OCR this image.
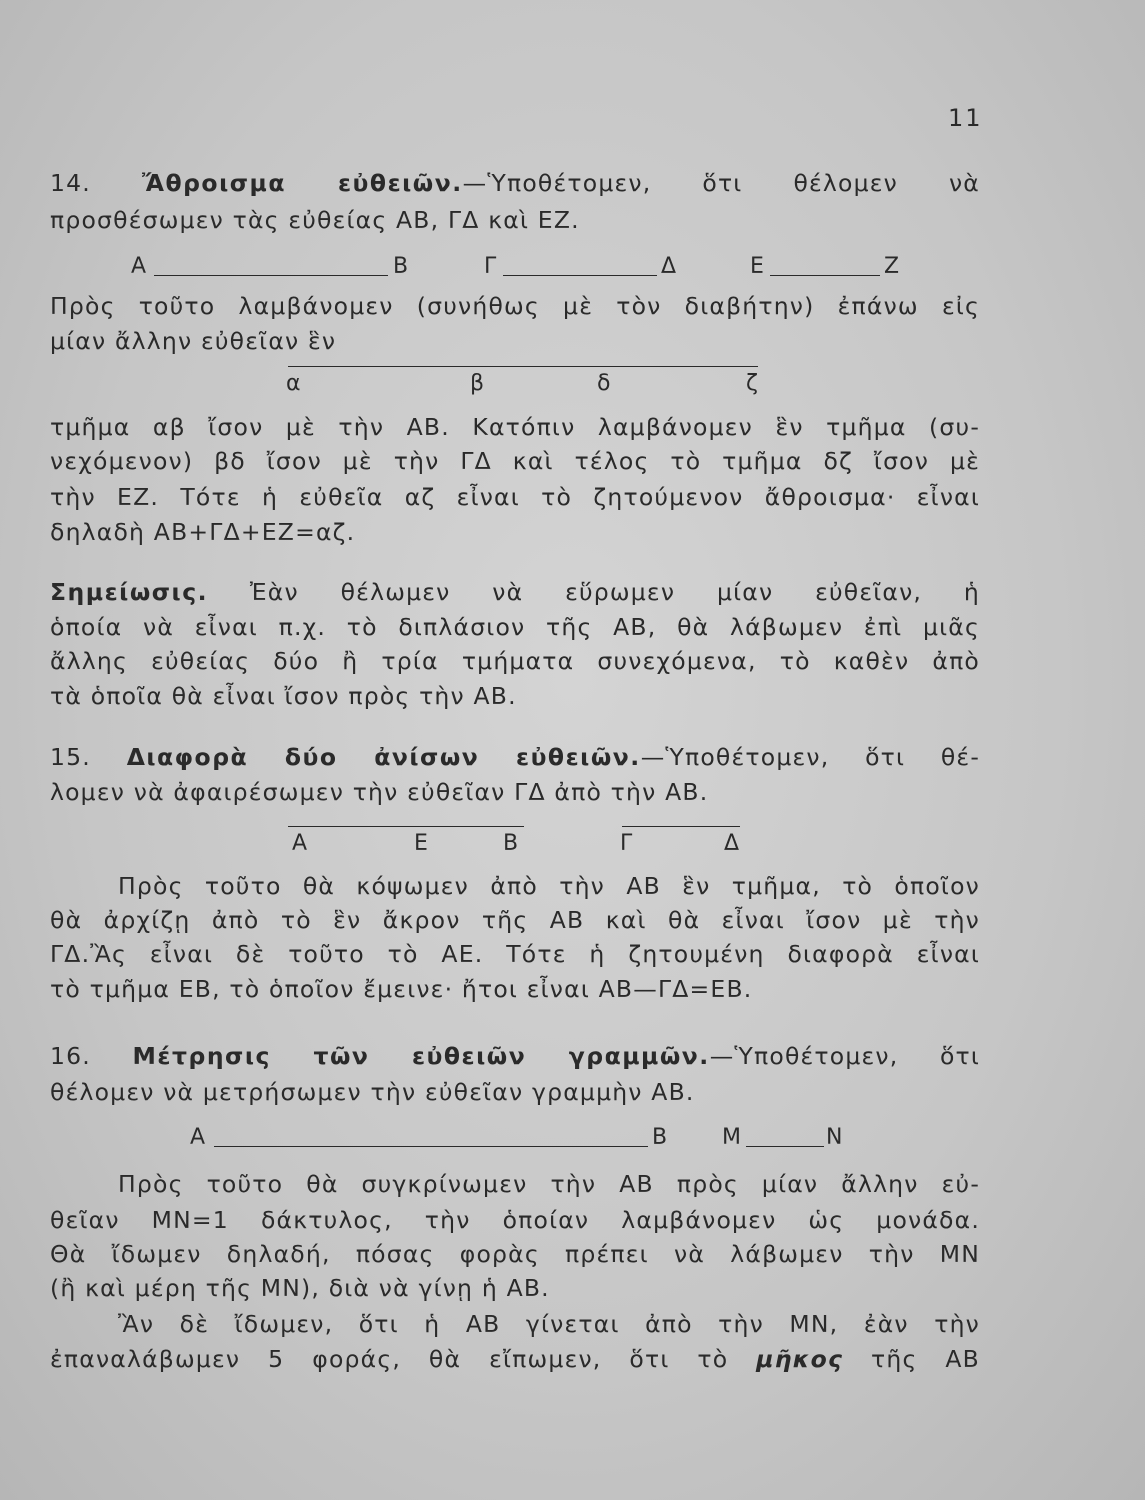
11
14. Ἄθροισμα εὐθειῶν.—Ὑποθέτομεν, ὅτι θέλομεν νὰ
προσθέσωμεν τὰς εὐθείας ΑΒ, ΓΔ καὶ ΕΖ.
Α	Β	Γ	Δ	Ε	Ζ
Πρὸς τοῦτο λαμβάνομεν (συνήθως μὲ τὸν διαβήτην) ἐπάνω εἰς
μίαν ἄλλην εὐθεῖαν ἓν
α	β	δ	ζ
τμῆμα αβ ἴσον μὲ τὴν ΑΒ. Κατόπιν λαμβάνομεν ἓν τμῆμα (συ-
νεχόμενον) βδ ἴσον μὲ τὴν ΓΔ καὶ τέλος τὸ τμῆμα δζ ἴσον μὲ
τὴν ΕΖ. Τότε ἡ εὐθεῖα αζ εἶναι τὸ ζητούμενον ἄθροισμα· εἶναι
δηλαδὴ ΑΒ+ΓΔ+ΕΖ=αζ.
Σημείωσις. Ἐὰν θέλωμεν νὰ εὕρωμεν μίαν εὐθεῖαν, ἡ
ὁποία νὰ εἶναι π.χ. τὸ διπλάσιον τῆς ΑΒ, θὰ λάβωμεν ἐπὶ μιᾶς
ἄλλης εὐθείας δύο ἢ τρία τμήματα συνεχόμενα, τὸ καθὲν ἀπὸ
τὰ ὁποῖα θὰ εἶναι ἴσον πρὸς τὴν ΑΒ.
15. Διαφορὰ δύο ἀνίσων εὐθειῶν.—Ὑποθέτομεν, ὅτι θέ-
λομεν νὰ ἀφαιρέσωμεν τὴν εὐθεῖαν ΓΔ ἀπὸ τὴν ΑΒ.
Α	Ε	Β	Γ	Δ
Πρὸς τοῦτο θὰ κόψωμεν ἀπὸ τὴν ΑΒ ἓν τμῆμα, τὸ ὁποῖον
θὰ ἀρχίζῃ ἀπὸ τὸ ἓν ἄκρον τῆς ΑΒ καὶ θὰ εἶναι ἴσον μὲ τὴν
ΓΔ.Ἂς εἶναι δὲ τοῦτο τὸ ΑΕ. Τότε ἡ ζητουμένη διαφορὰ εἶναι
τὸ τμῆμα ΕΒ, τὸ ὁποῖον ἔμεινε· ἤτοι εἶναι ΑΒ—ΓΔ=ΕΒ.
16. Μέτρησις τῶν εὐθειῶν γραμμῶν.—Ὑποθέτομεν, ὅτι
θέλομεν νὰ μετρήσωμεν τὴν εὐθεῖαν γραμμὴν ΑΒ.
Α	Β Μ	Ν
Πρὸς τοῦτο θὰ συγκρίνωμεν τὴν ΑΒ πρὸς μίαν ἄλλην εὐ-
θεῖαν ΜΝ=1 δάκτυλος, τὴν ὁποίαν λαμβάνομεν ὡς μονάδα.
Θὰ ἴδωμεν δηλαδή, πόσας φορὰς πρέπει νὰ λάβωμεν τὴν ΜΝ
(ἢ καὶ μέρη τῆς ΜΝ), διὰ νὰ γίνῃ ἡ ΑΒ.
Ἂν δὲ ἴδωμεν, ὅτι ἡ ΑΒ γίνεται ἀπὸ τὴν ΜΝ, ἐὰν τὴν
ἐπαναλάβωμεν 5 φοράς, θὰ εἴπωμεν, ὅτι τὸ μῆκος τῆς ΑΒ
